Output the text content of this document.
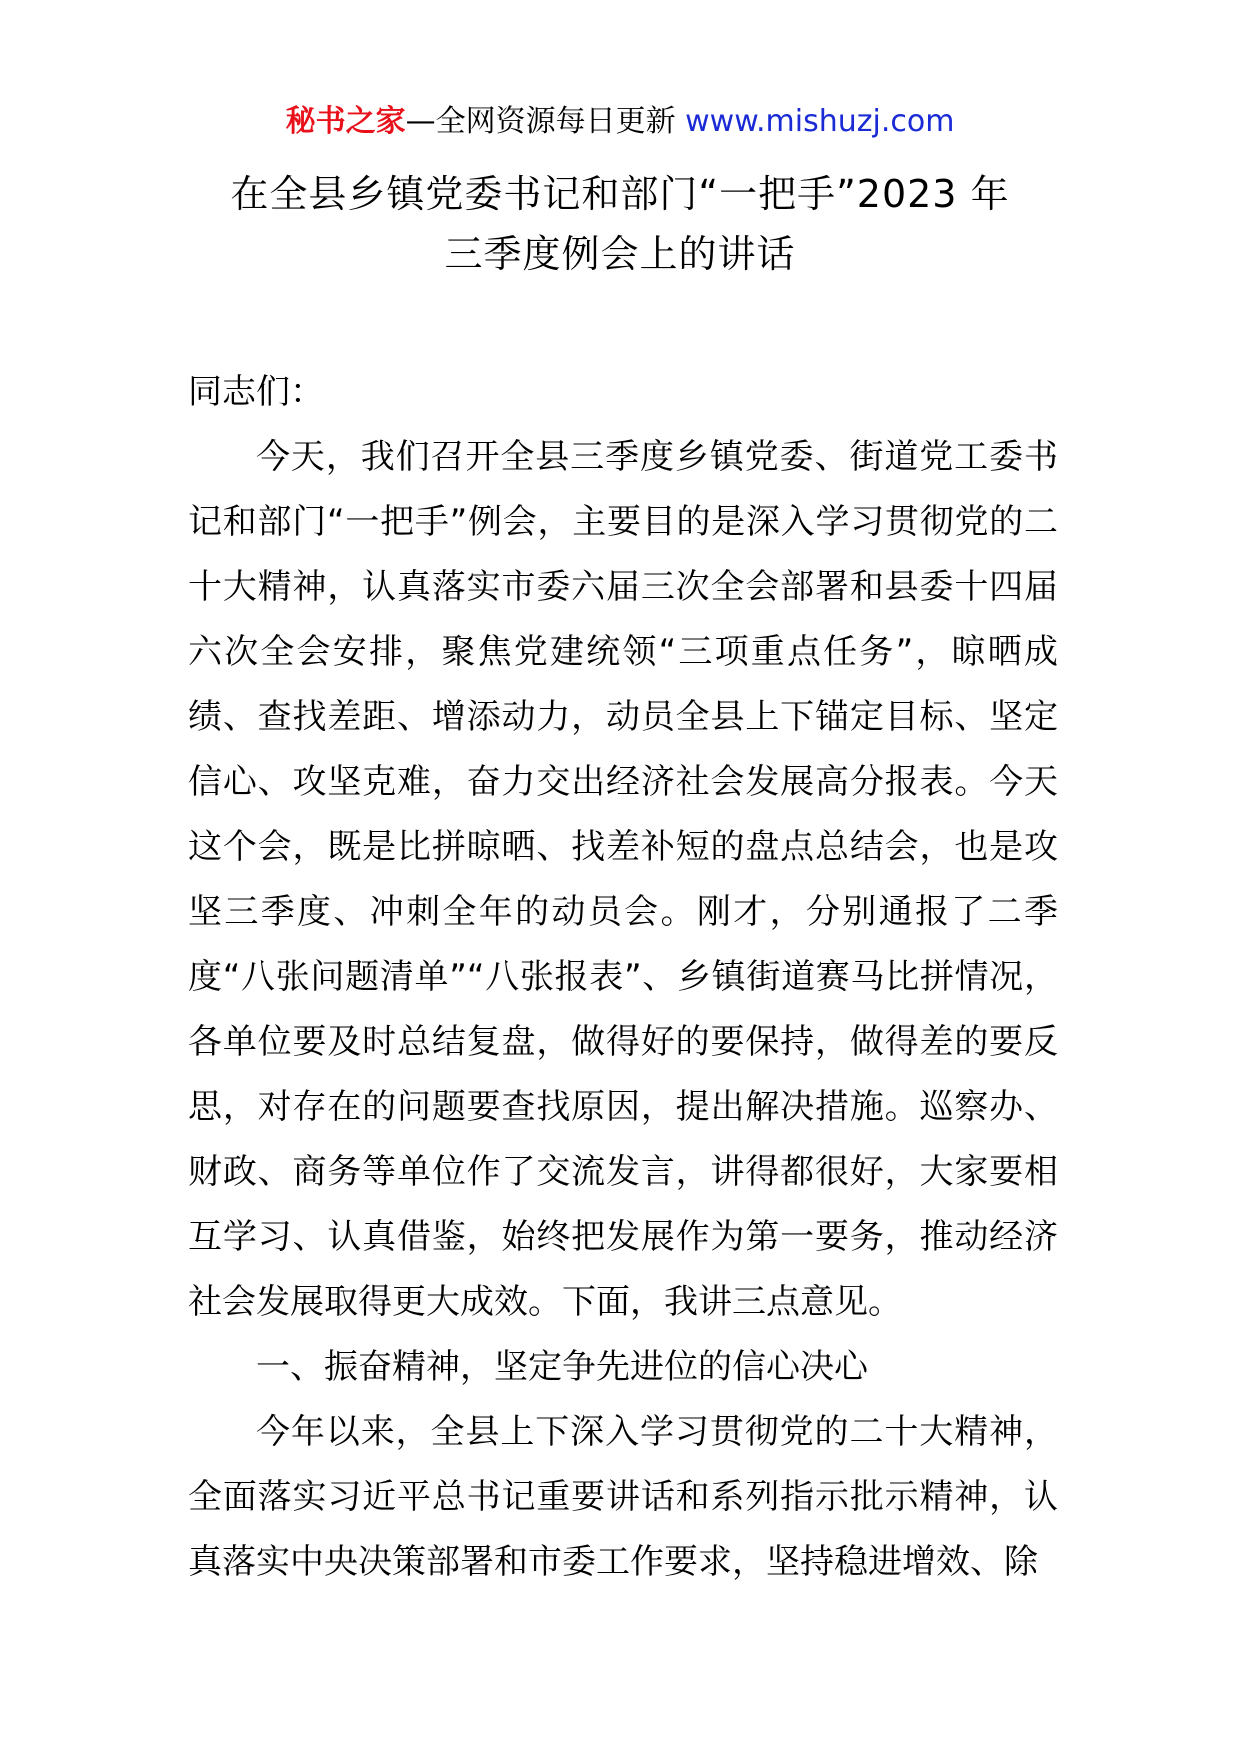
秘书之家—全网资源每日更新 www.mishuzj.com
在全县乡镇党委书记和部门“一把手”2023 年
三季度例会上的讲话

同志们：

今天，我们召开全县三季度乡镇党委、街道党工委书记和部门“一把手”例会，主要目的是深入学习贯彻党的二十大精神，认真落实市委六届三次全会部署和县委十四届六次全会安排，聚焦党建统领“三项重点任务”，晾晒成绩、查找差距、增添动力，动员全县上下锚定目标、坚定信心、攻坚克难，奋力交出经济社会发展高分报表。今天这个会，既是比拼晾晒、找差补短的盘点总结会，也是攻坚三季度、冲刺全年的动员会。刚才，分别通报了二季度“八张问题清单”“八张报表”、乡镇街道赛马比拼情况，各单位要及时总结复盘，做得好的要保持，做得差的要反思，对存在的问题要查找原因，提出解决措施。巡察办、财政、商务等单位作了交流发言，讲得都很好，大家要相互学习、认真借鉴，始终把发展作为第一要务，推动经济社会发展取得更大成效。下面，我讲三点意见。

一、振奋精神，坚定争先进位的信心决心

今年以来，全县上下深入学习贯彻党的二十大精神，全面落实习近平总书记重要讲话和系列指示批示精神，认真落实中央决策部署和市委工作要求，坚持稳进增效、除
